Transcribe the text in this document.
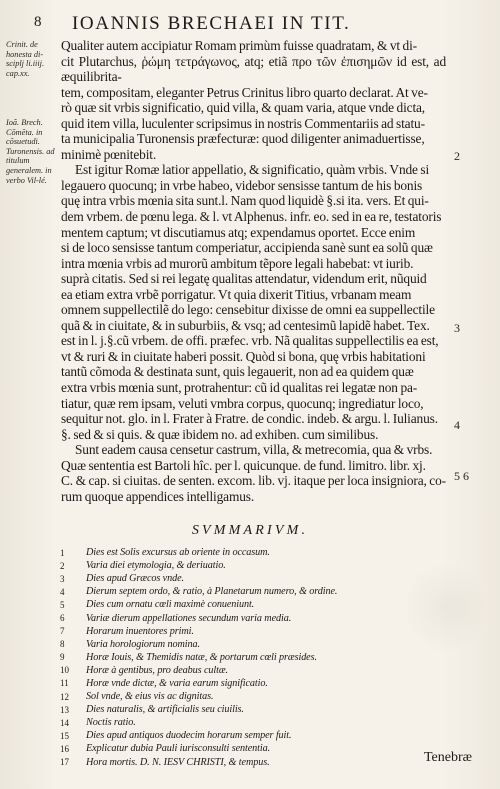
8 IOANNIS BRECHAEI IN TIT.
Crinit. de honesta di-sciplj li.iiij. cap.xx.
Ioã. Brech. Cõmẽta. in cõsuetudi. Turonensis. ad titulum generalem. in verbo Vil-lé.
2
3
4
5 6

Qualiter autem accipiatur Romam primùm fuisse quadratam, & vt di-

cit Plutarchus, ῥώμη τετράγωνος, atq; etiã προ τῶν ἐπισημῶν id est, ad æquilibrita-

tem, compositam, eleganter Petrus Crinitus libro quarto declarat. At ve-

rò quæ sit vrbis significatio, quid villa, & quam varia, atque vnde dicta,

quid item villa, luculenter scripsimus in nostris Commentariis ad statu-

ta municipalia Turonensis præfecturæ: quod diligenter animaduertisse,

minimè pœnitebit.

Est igitur Romæ latior appellatio, & significatio, quàm vrbis. Vnde si

legauero quocunq; in vrbe habeo, videbor sensisse tantum de his bonis

quę intra vrbis mœnia sita sunt.l. Nam quod liquidè §.si ita. vers. Et qui-

dem vrbem. de pœnu lega. & l. vt Alphenus. infr. eo. sed in ea re, testatoris

mentem captum; vt discutiamus atq; expendamus oportet. Ecce enim

si de loco sensisse tantum comperiatur, accipienda sanè sunt ea solũ quæ

intra mœnia vrbis ad murorũ ambitum tẽpore legali habebat: vt iurib.

suprà citatis. Sed si rei legatę qualitas attendatur, videndum erit, nũquid

ea etiam extra vrbẽ porrigatur. Vt quia dixerit Titius, vrbanam meam

omnem suppellectilẽ do lego: censebitur dixisse de omni ea suppellectile

quã & in ciuitate, & in suburbiis, & vsq; ad centesimũ lapidẽ habet. Tex.

est in l. j.§.cũ vrbem. de offi. præfec. vrb. Nã qualitas suppellectilis ea est,

vt & ruri & in ciuitate haberi possit. Quòd si bona, quę vrbis habitationi

tantũ cõmoda & destinata sunt, quis legauerit, non ad ea quidem quæ

extra vrbis mœnia sunt, protrahentur: cũ id qualitas rei legatæ non pa-

tiatur, quæ rem ipsam, veluti vmbra corpus, quocunq; ingrediatur loco,

sequitur not. glo. in l. Frater à Fratre. de condic. indeb. & argu. l. Iulianus.

§. sed & si quis. & quæ ibidem no. ad exhiben. cum similibus.

Sunt eadem causa censetur castrum, villa, & metrecomia, qua & vrbs.

Quæ sententia est Bartoli hîc. per l. quicunque. de fund. limitro. libr. xj.

C. & cap. si ciuitas. de senten. excom. lib. vj. itaque per loca insigniora, co-

rum quoque appendices intelligamus.

SVMMARIVM.
1	Dies est Solis excursus ab oriente in occasum.
2	Varia diei etymologia, & deriuatio.
3	Dies apud Græcos vnde.
4	Dierum septem ordo, & ratio, à Planetarum numero, & ordine.
5	Dies cum ornatu cœli maximè conueniunt.
6	Variæ dierum appellationes secundum varia media.
7	Horarum inuentores primi.
8	Varia horologiorum nomina.
9	Horæ Iouis, & Themidis natæ, & portarum cœli præsides.
10	Horæ à gentibus, pro deabus cultæ.
11	Horæ vnde dictæ, & varia earum significatio.
12	Sol vnde, & eius vis ac dignitas.
13	Dies naturalis, & artificialis seu ciuilis.
14	Noctis ratio.
15	Dies apud antiquos duodecim horarum semper fuit.
16	Explicatur dubia Pauli iurisconsulti sententia.
17	Hora mortis. D. N. IESV CHRISTI, & tempus.	Tenebræ
